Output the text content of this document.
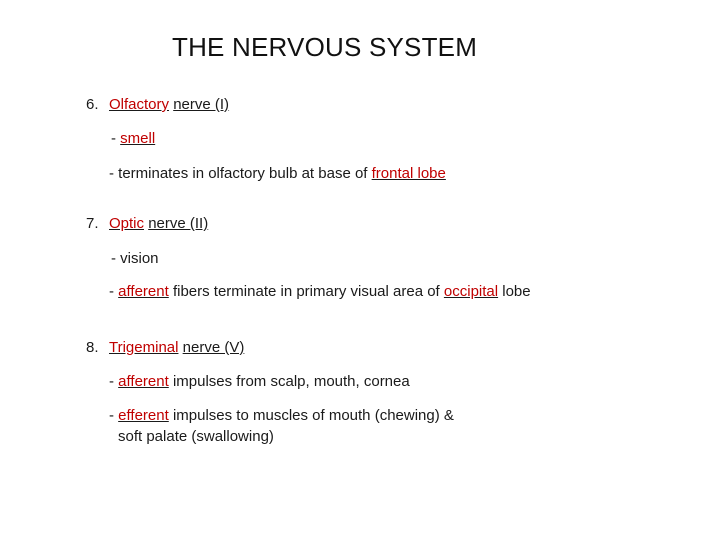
THE NERVOUS SYSTEM
6. Olfactory nerve (I)
- smell
- terminates in olfactory bulb at base of frontal lobe
7. Optic nerve (II)
- vision
- afferent fibers terminate in primary visual area of occipital lobe
8. Trigeminal nerve (V)
- afferent impulses from scalp, mouth, cornea
- efferent impulses to muscles of mouth (chewing) &
soft palate (swallowing)
